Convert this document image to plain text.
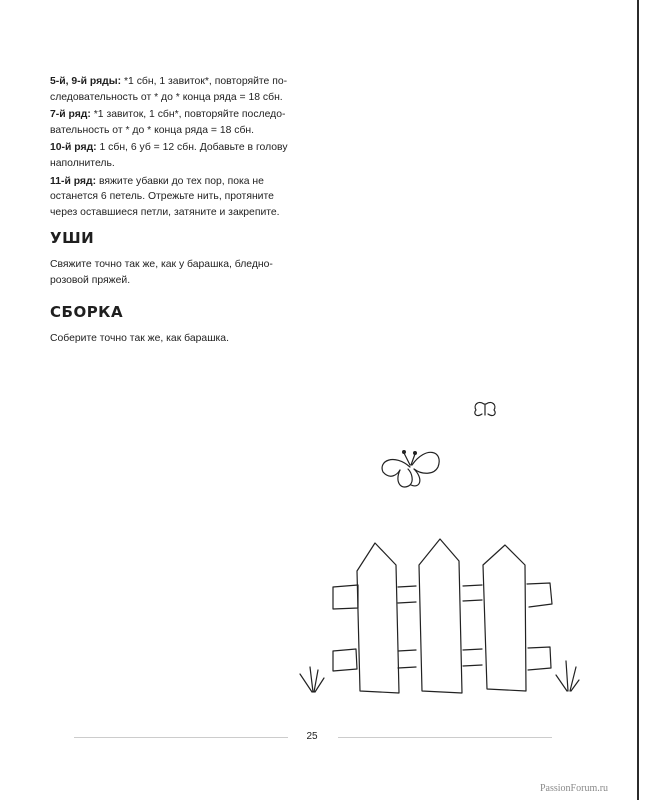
5-й, 9-й ряды: *1 сбн, 1 завиток*, повторяйте по-
следовательность от * до * конца ряда = 18 сбн.

7-й ряд: *1 завиток, 1 сбн*, повторяйте последо-
вательность от * до * конца ряда = 18 сбн.

10-й ряд: 1 сбн, 6 уб = 12 сбн. Добавьте в голову
наполнитель.

11-й ряд: вяжите убавки до тех пор, пока не
останется 6 петель. Отрежьте нить, протяните
через оставшиеся петли, затяните и закрепите.

УШИ

Свяжите точно так же, как у барашка, бледно-
розовой пряжей.

СБОРКА

Соберите точно так же, как барашка.

25
PassionForum.ru
